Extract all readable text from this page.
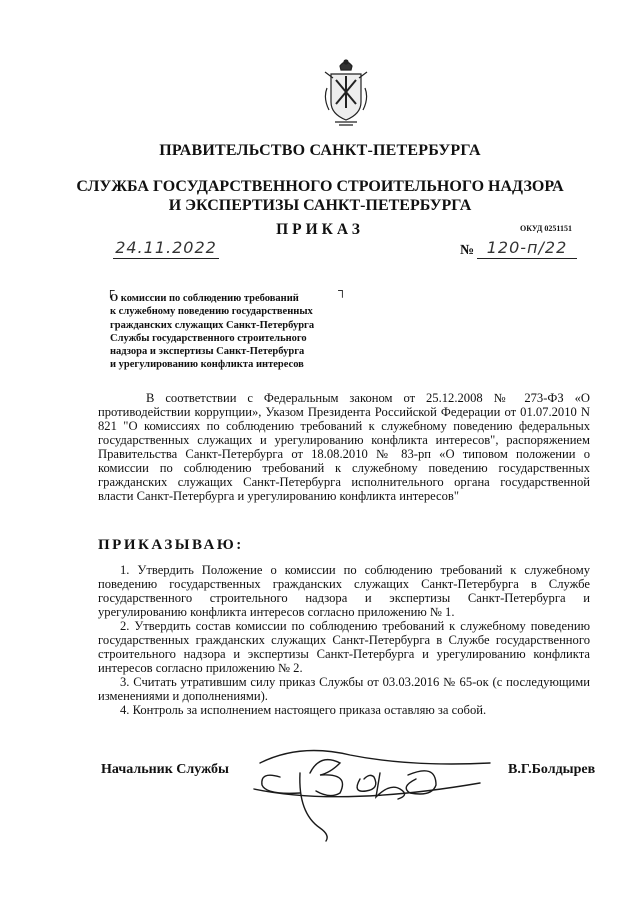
ПРАВИТЕЛЬСТВО САНКТ-ПЕТЕРБУРГА
СЛУЖБА ГОСУДАРСТВЕННОГО СТРОИТЕЛЬНОГО НАДЗОРА
И ЭКСПЕРТИЗЫ САНКТ-ПЕТЕРБУРГА
ПРИКАЗ	ОКУД 0251151
24.11.2022	№ 120-п/22
┌	┐
О комиссии по соблюдению требований
к служебному поведению государственных
гражданских служащих Санкт-Петербурга
Службы государственного строительного
надзора и экспертизы Санкт-Петербурга
и урегулированию конфликта интересов
В соответствии с Федеральным законом от 25.12.2008 № 273-ФЗ «О противодействии коррупции», Указом Президента Российской Федерации от 01.07.2010 N 821 "О комиссиях по соблюдению требований к служебному поведению федеральных государственных служащих и урегулированию конфликта интересов", распоряжением Правительства Санкт-Петербурга от 18.08.2010 № 83-рп «О типовом положении о комиссии по соблюдению требований к служебному поведению государственных гражданских служащих Санкт-Петербурга исполнительного органа государственной власти Санкт-Петербурга и урегулированию конфликта интересов"
ПРИКАЗЫВАЮ:

1. Утвердить Положение о комиссии по соблюдению требований к служебному поведению государственных гражданских служащих Санкт-Петербурга в Службе государственного строительного надзора и экспертизы Санкт-Петербурга и урегулированию конфликта интересов согласно приложению № 1.

2. Утвердить состав комиссии по соблюдению требований к служебному поведению государственных гражданских служащих Санкт-Петербурга в Службе государственного строительного надзора и экспертизы Санкт-Петербурга и урегулированию конфликта интересов согласно приложению № 2.

3. Считать утратившим силу приказ Службы от 03.03.2016 № 65-ок (с последующими изменениями и дополнениями).

4. Контроль за исполнением настоящего приказа оставляю за собой.

Начальник Службы	В.Г.Болдырев
